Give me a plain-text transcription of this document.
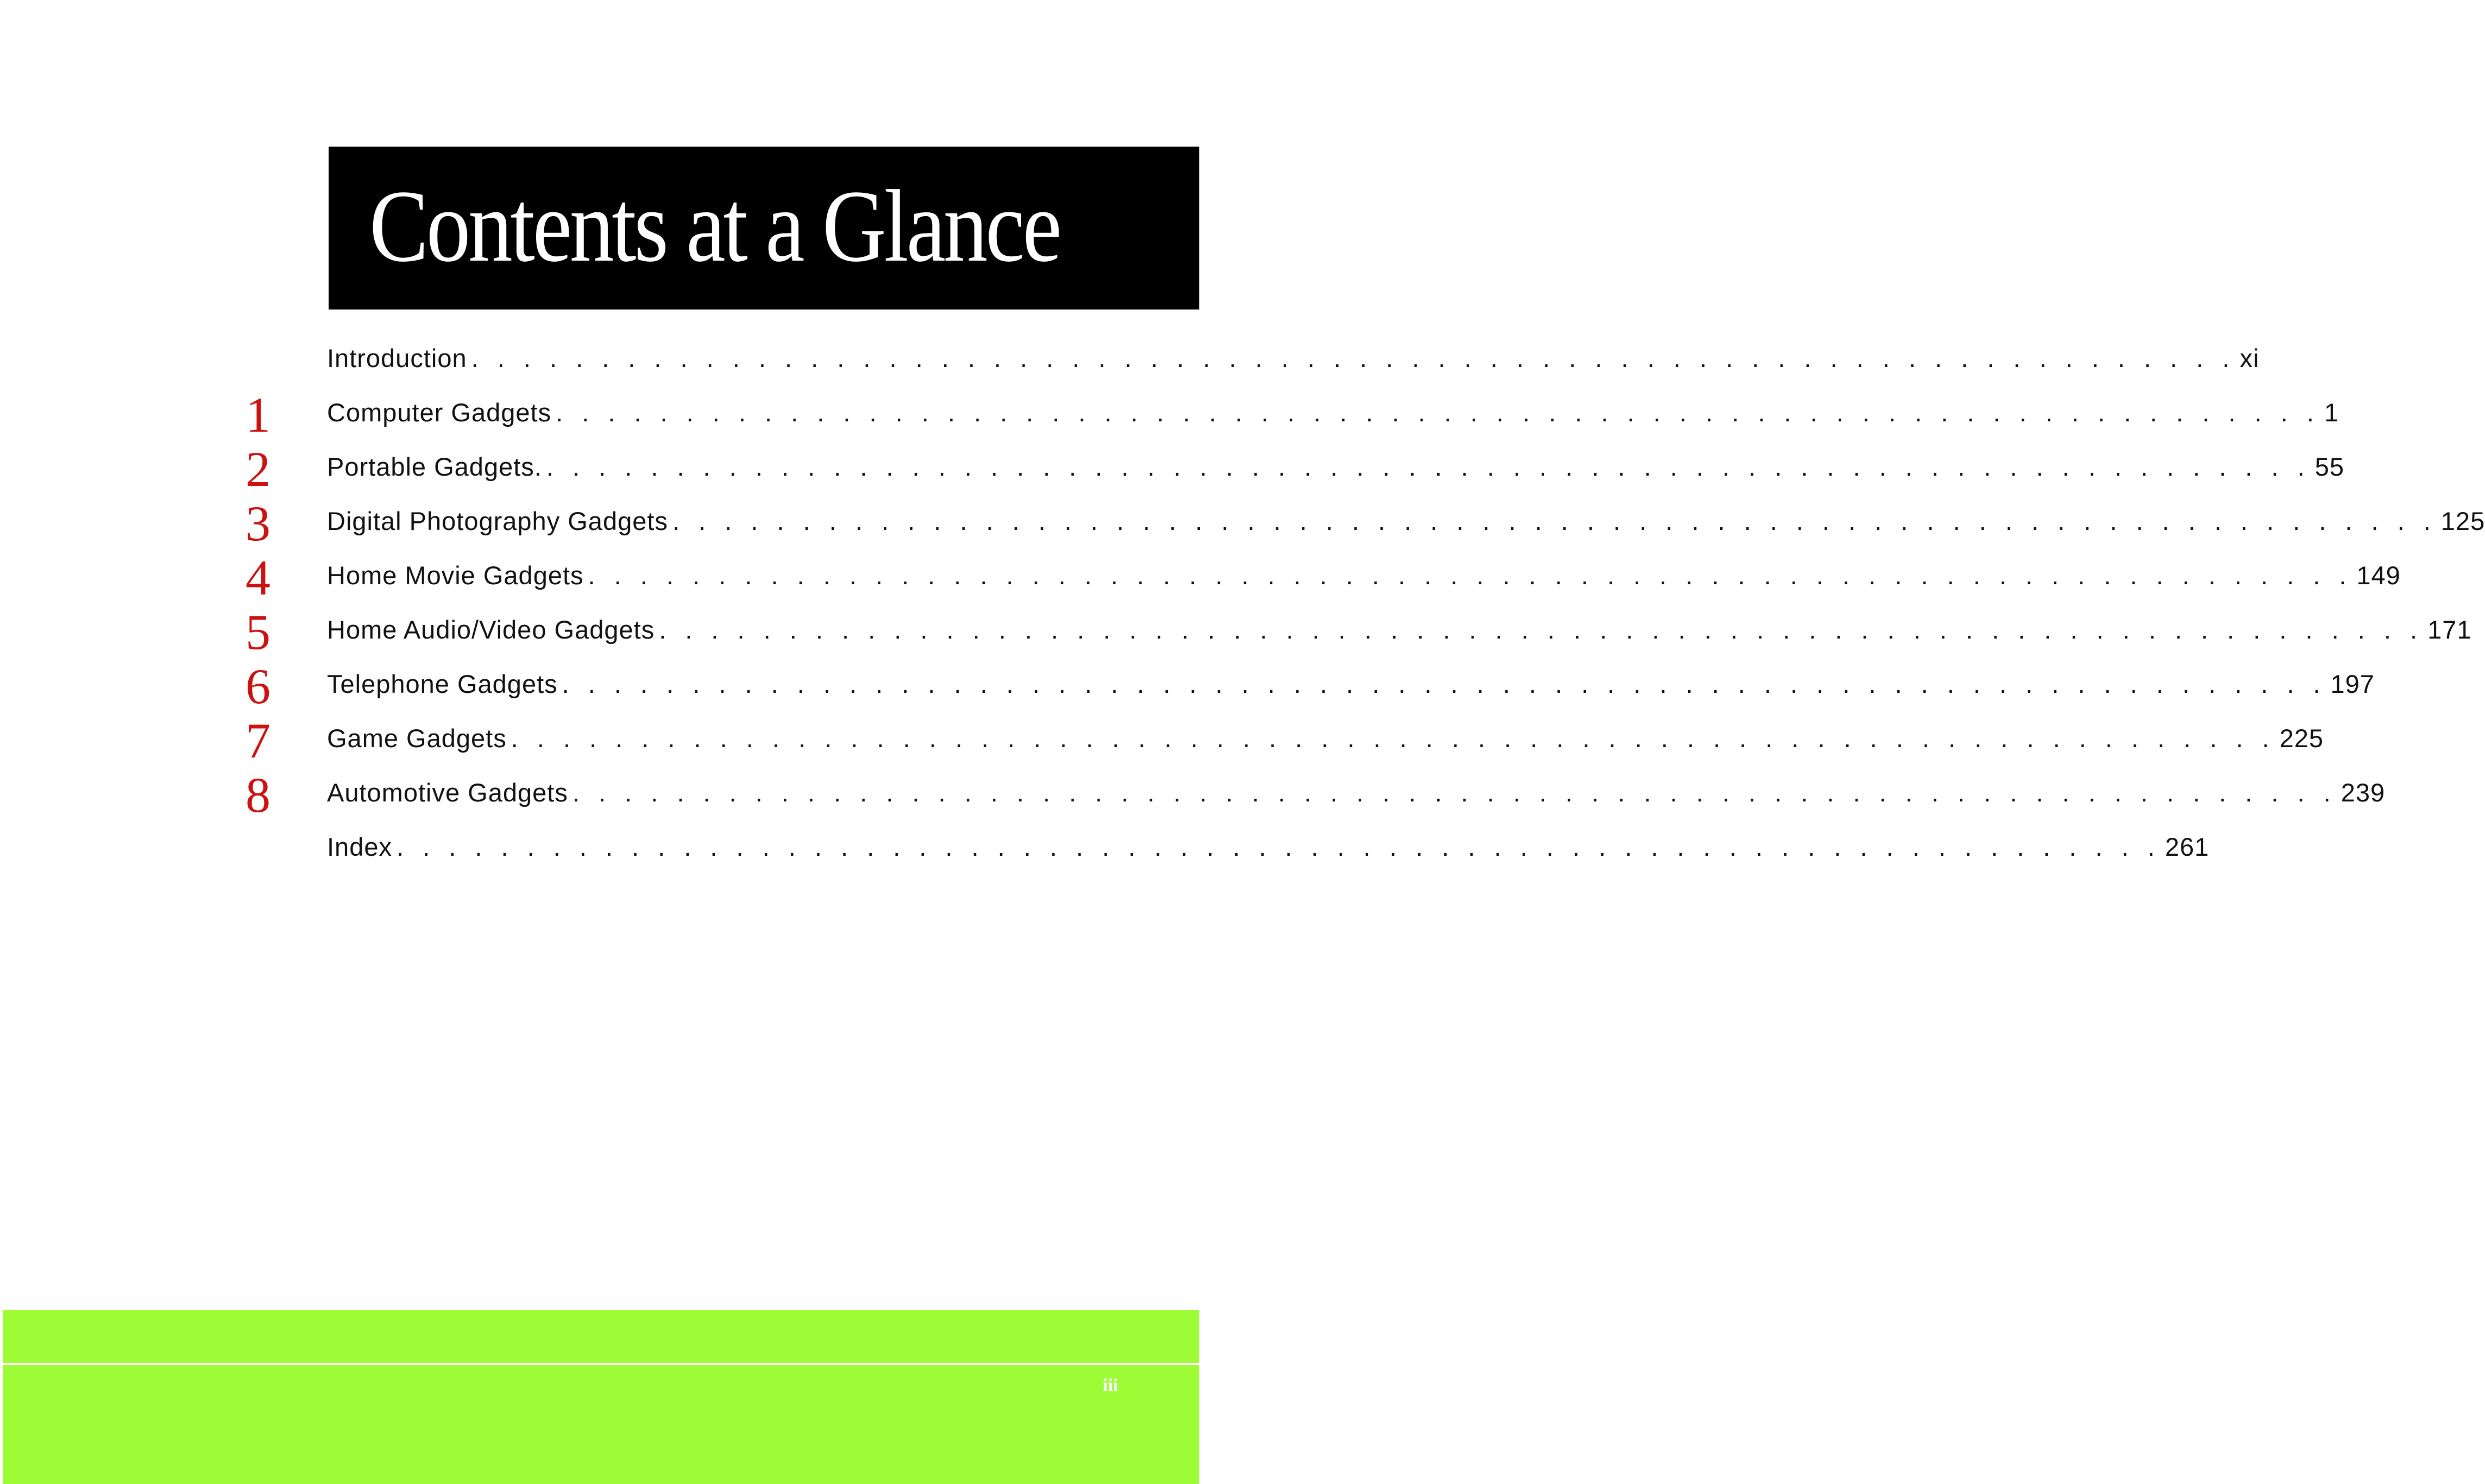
Contents at a Glance
Introduction . . . . . . . . . . . . . . . . . . . . . . . . . . . . . . . . . . . . . . . . . . . . . . . . . . . . . . . . . . . . . . . . . . . . xi
1	Computer Gadgets . . . . . . . . . . . . . . . . . . . . . . . . . . . . . . . . . . . . . . . . . . . . . . . . . . . . . . . . . . . . . . . . . . . . 1
2	Portable Gadgets. . . . . . . . . . . . . . . . . . . . . . . . . . . . . . . . . . . . . . . . . . . . . . . . . . . . . . . . . . . . . . . . . . . . . 55
3	Digital Photography Gadgets . . . . . . . . . . . . . . . . . . . . . . . . . . . . . . . . . . . . . . . . . . . . . . . . . . . . . . . . . . . . . . . . . . . . 125
4	Home Movie Gadgets . . . . . . . . . . . . . . . . . . . . . . . . . . . . . . . . . . . . . . . . . . . . . . . . . . . . . . . . . . . . . . . . . . . . 149
5	Home Audio/Video Gadgets . . . . . . . . . . . . . . . . . . . . . . . . . . . . . . . . . . . . . . . . . . . . . . . . . . . . . . . . . . . . . . . . . . . . 171
6	Telephone Gadgets . . . . . . . . . . . . . . . . . . . . . . . . . . . . . . . . . . . . . . . . . . . . . . . . . . . . . . . . . . . . . . . . . . . . 197
7	Game Gadgets . . . . . . . . . . . . . . . . . . . . . . . . . . . . . . . . . . . . . . . . . . . . . . . . . . . . . . . . . . . . . . . . . . . . 225
8	Automotive Gadgets . . . . . . . . . . . . . . . . . . . . . . . . . . . . . . . . . . . . . . . . . . . . . . . . . . . . . . . . . . . . . . . . . . . . 239
Index . . . . . . . . . . . . . . . . . . . . . . . . . . . . . . . . . . . . . . . . . . . . . . . . . . . . . . . . . . . . . . . . . . . . 261
iii
